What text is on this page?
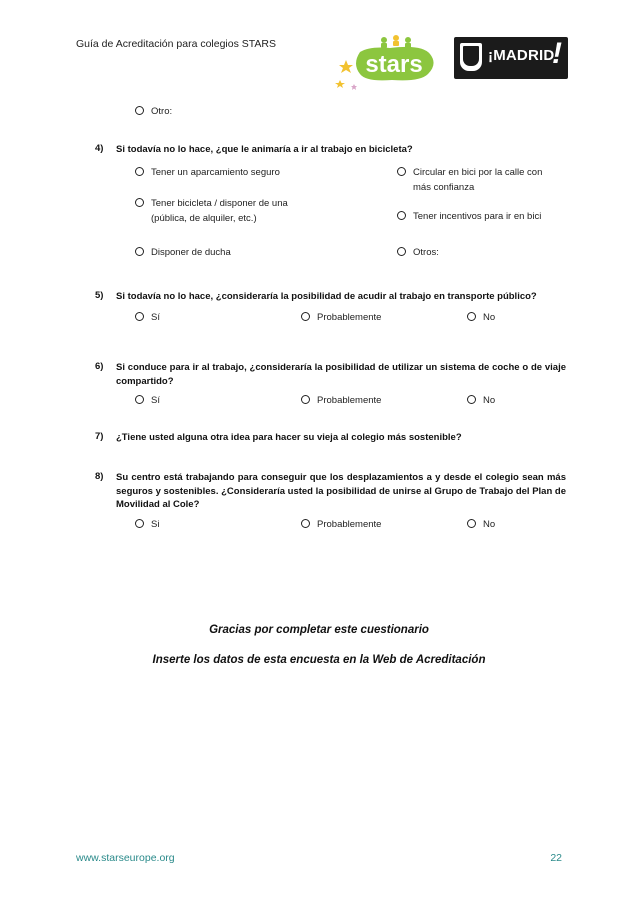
Guía de Acreditación para colegios STARS
stars	¡MADRID
!
Otro:
4) Si todavía no lo hace, ¿que le animaría a ir al trabajo en bicicleta?
Tener un aparcamiento seguro
Tener bicicleta / disponer de una
(pública, de alquiler, etc.)
Disponer de ducha
Circular en bici por la calle con
más confianza
Tener incentivos para ir en bici
Otros:
5) Si todavía no lo hace, ¿consideraría la posibilidad de acudir al trabajo en transporte público?
Sí	Probablemente	No
6) Si conduce para ir al trabajo, ¿consideraría la posibilidad de utilizar un sistema de coche o de viaje
compartido?
Sí	Probablemente	No
7) ¿Tiene usted alguna otra idea para hacer su vieja al colegio más sostenible?
8) Su centro está trabajando para conseguir que los desplazamientos a y desde el colegio sean más
seguros y sostenibles. ¿Consideraría usted la posibilidad de unirse al Grupo de Trabajo del Plan de
Movilidad al Cole?
Si	Probablemente	No
Gracias por completar este cuestionario
Inserte los datos de esta encuesta en la Web de Acreditación
www.starseurope.org	22
